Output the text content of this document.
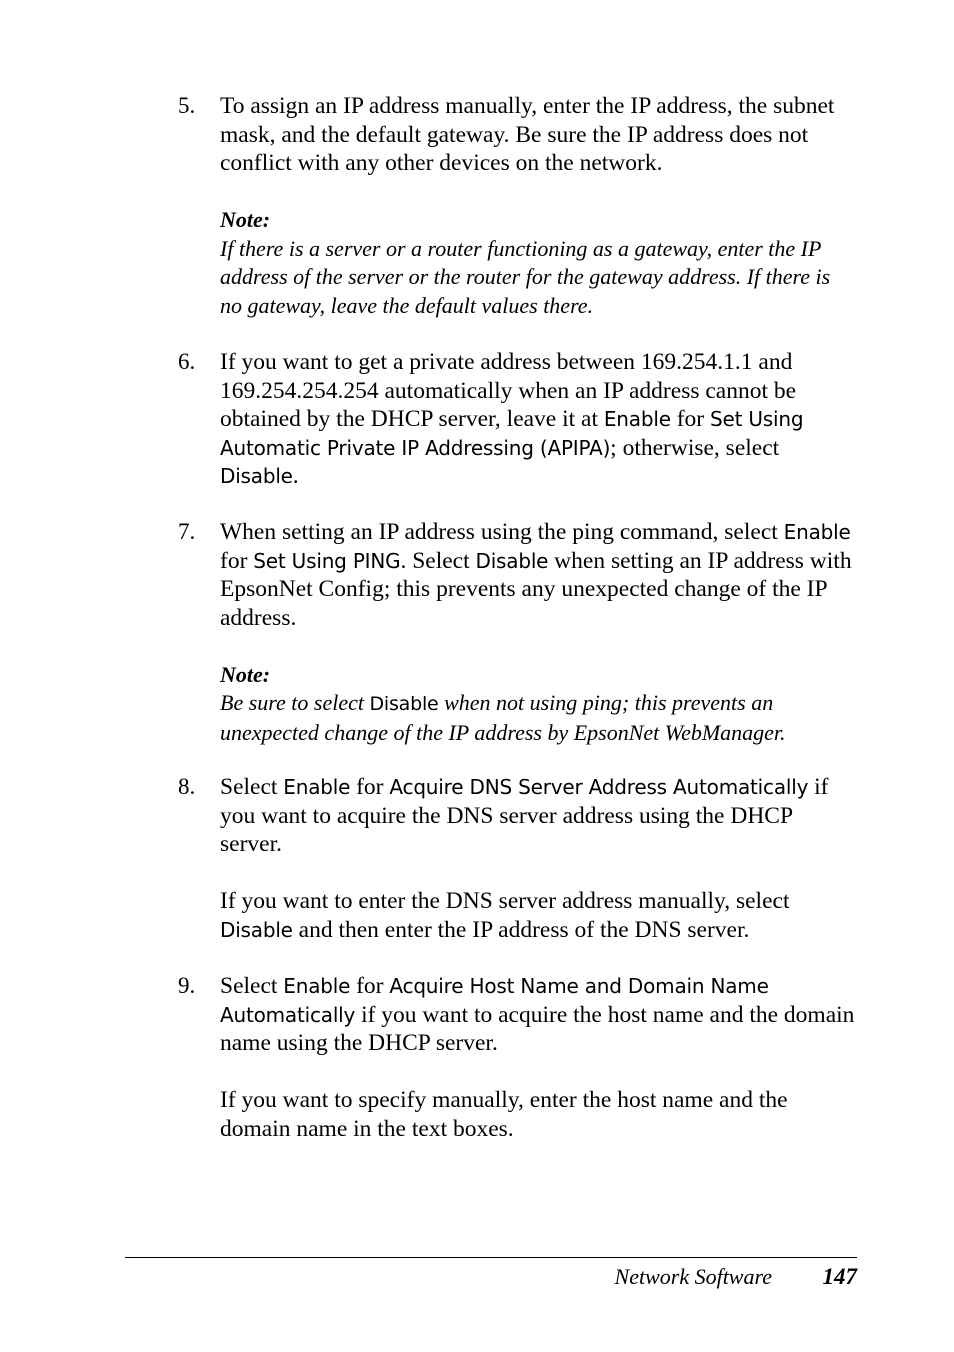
5. To assign an IP address manually, enter the IP address, the subnet mask, and the default gateway. Be sure the IP address does not conflict with any other devices on the network.

Note:

If there is a server or a router functioning as a gateway, enter the IP address of the server or the router for the gateway address. If there is no gateway, leave the default values there.

6. If you want to get a private address between 169.254.1.1 and 169.254.254.254 automatically when an IP address cannot be obtained by the DHCP server, leave it at Enable for Set Using Automatic Private IP Addressing (APIPA); otherwise, select Disable.

7. When setting an IP address using the ping command, select Enable for Set Using PING. Select Disable when setting an IP address with EpsonNet Config; this prevents any unexpected change of the IP address.

Note:

Be sure to select Disable when not using ping; this prevents an unexpected change of the IP address by EpsonNet WebManager.

8. Select Enable for Acquire DNS Server Address Automatically if you want to acquire the DNS server address using the DHCP server.

If you want to enter the DNS server address manually, select Disable and then enter the IP address of the DNS server.

9. Select Enable for Acquire Host Name and Domain Name Automatically if you want to acquire the host name and the domain name using the DHCP server.

If you want to specify manually, enter the host name and the domain name in the text boxes.

Network Software 147
